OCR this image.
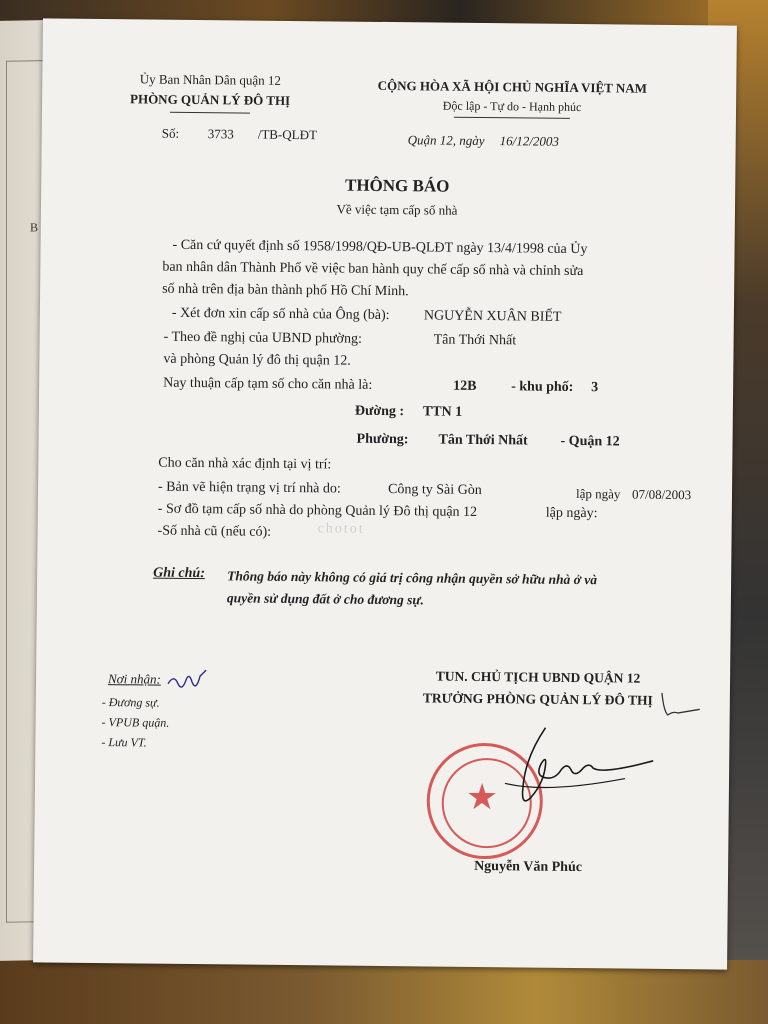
B
Ủy Ban Nhân Dân quận 12
PHÒNG QUẢN LÝ ĐÔ THỊ
Số: 3733 /TB-QLĐT
CỘNG HÒA XÃ HỘI CHỦ NGHĨA VIỆT NAM
Độc lập - Tự do - Hạnh phúc
Quận 12, ngày 16/12/2003
THÔNG BÁO
Về việc tạm cấp số nhà
- Căn cứ quyết định số 1958/1998/QĐ-UB-QLĐT ngày 13/4/1998 của Ủy
ban nhân dân Thành Phố về việc ban hành quy chế cấp số nhà và chỉnh sửa
số nhà trên địa bàn thành phố Hồ Chí Minh.
- Xét đơn xin cấp số nhà của Ông (bà): NGUYỄN XUÂN BIẾT
- Theo đề nghị của UBND phường:	Tân Thới Nhất
và phòng Quản lý đô thị quận 12.
Nay thuận cấp tạm số cho căn nhà là:	12B - khu phố: 3
Đường : TTN 1
Phường: Tân Thới Nhất - Quận 12
Cho căn nhà xác định tại vị trí:
- Bản vẽ hiện trạng vị trí nhà do:	Công ty Sài Gòn	lập ngày 07/08/2003
- Sơ đồ tạm cấp số nhà do phòng Quản lý Đô thị quận 12	lập ngày:
-Số nhà cũ (nếu có):	chotot
Ghi chú: Thông báo này không có giá trị công nhận quyền sở hữu nhà ở và
quyền sử dụng đất ở cho đương sự.
Nơi nhận:
- Đương sự.
- VPUB quận.
- Lưu VT.
TUN. CHỦ TỊCH UBND QUẬN 12
TRƯỞNG PHÒNG QUẢN LÝ ĐÔ THỊ
★
Nguyễn Văn Phúc
